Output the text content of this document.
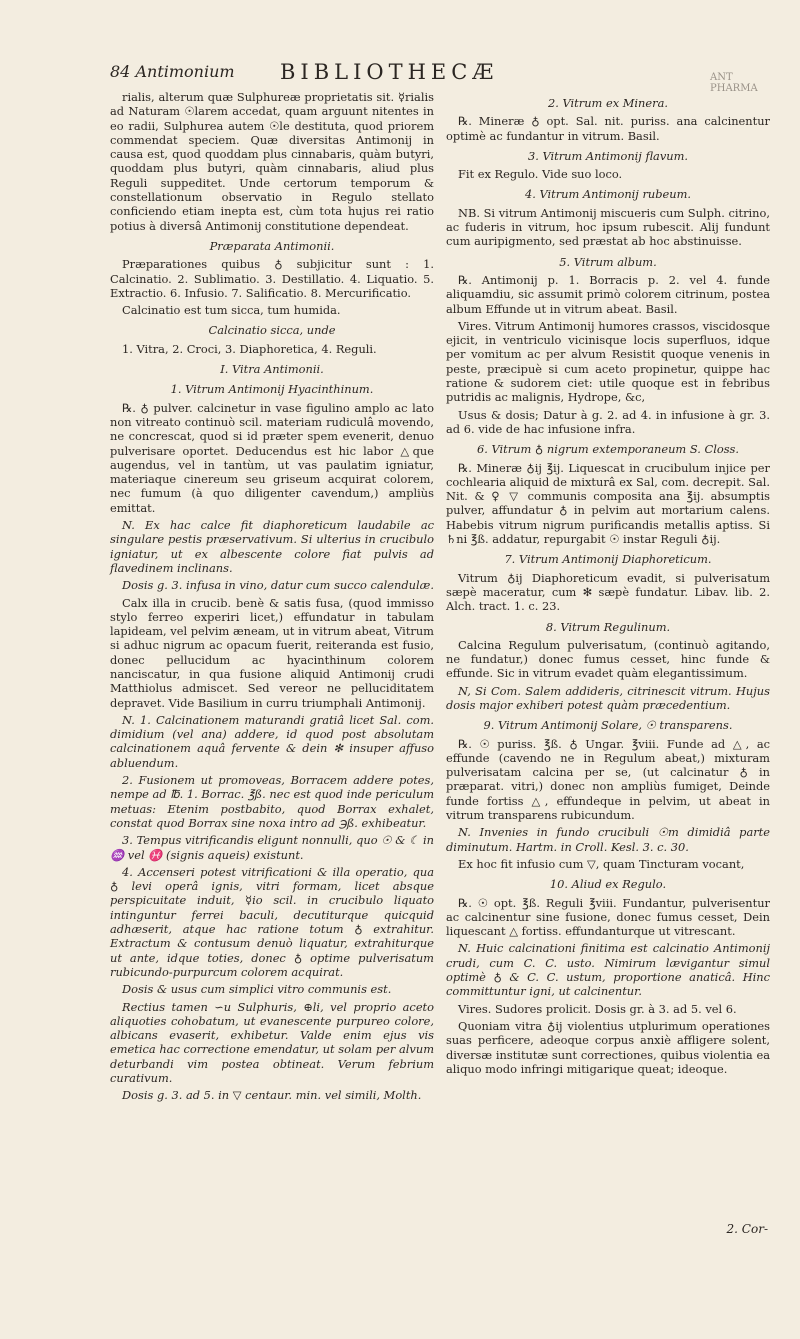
84 Antimonium BIBLIOTHECÆ	ANT PHARMA

rialis, alterum quæ Sulphureæ proprietatis sit. ☿rialis ad Naturam ☉larem accedat, quam arguunt nitentes in eo radii, Sulphurea autem ☉le destituta, quod priorem commendat speciem. Quæ diversitas Antimonij in causa est, quod quoddam plus cinnabaris, quàm butyri, quoddam plus butyri, quàm cinnabaris, aliud plus Reguli suppeditet. Unde certorum temporum & constellationum observatio in Regulo stellato conficiendo etiam inepta est, cùm tota hujus rei ratio potius à diversâ Antimonij constitutione dependeat.

Præparata Antimonii.

Præparationes quibus ♁ subjicitur sunt : 1. Calcinatio. 2. Sublimatio. 3. Destillatio. 4. Liquatio. 5. Extractio. 6. Infusio. 7. Salificatio. 8. Mercurificatio.

Calcinatio est tum sicca, tum humida.

Calcinatio sicca, unde

1. Vitra, 2. Croci, 3. Diaphoretica, 4. Reguli.

I. Vitra Antimonii.

1. Vitrum Antimonij Hyacinthinum.

℞. ♁ pulver. calcinetur in vase figulino amplo ac lato non vitreato continuò scil. materiam rudiculâ movendo, ne concrescat, quod si id præter spem evenerit, denuo pulverisare oportet. Deducendus est hic labor △que augendus, vel in tantùm, ut vas paulatim igniatur, materiaque cinereum seu griseum acquirat colorem, nec fumum (à quo diligenter cavendum,) ampliùs emittat.

N. Ex hac calce fit diaphoreticum laudabile ac singulare pestis præservativum. Si ulterius in crucibulo igniatur, ut ex albescente colore fiat pulvis ad flavedinem inclinans.

Dosis g. 3. infusa in vino, datur cum succo calendulæ.

Calx illa in crucib. benè & satis fusa, (quod immisso stylo ferreo experiri licet,) effundatur in tabulam lapideam, vel pelvim æneam, ut in vitrum abeat, Vitrum si adhuc nigrum ac opacum fuerit, reiteranda est fusio, donec pellucidum ac hyacinthinum colorem nanciscatur, in qua fusione aliquid Antimonij crudi Matthiolus admiscet. Sed vereor ne pelluciditatem depravet. Vide Basilium in curru triumphali Antimonij.

N. 1. Calcinationem maturandi gratiâ licet Sal. com. dimidium (vel ana) addere, id quod post absolutam calcinationem aquâ fervente & dein ✻ insuper affuso abluendum.

2. Fusionem ut promoveas, Borracem addere potes, nempe ad ℔. 1. Borrac. ℥ß. nec est quod inde periculum metuas: Etenim postbabito, quod Borrax exhalet, constat quod Borrax sine noxa intro ad ℈ß. exhibeatur.

3. Tempus vitrificandis eligunt nonnulli, quo ☉ & ☾ in ♒ vel ♓ (signis aqueis) existunt.

4. Accenseri potest vitrificationi & illa operatio, qua ♁ levi operâ ignis, vitri formam, licet absque perspicuitate induit, ☿io scil. in crucibulo liquato intinguntur ferrei baculi, decutiturque quicquid adhæserit, atque hac ratione totum ♁ extrahitur. Extractum & contusum denuò liquatur, extrahiturque ut ante, idque toties, donec ♁ optime pulverisatum rubicundo-purpurcum colorem acquirat.

Dosis & usus cum simplici vitro communis est.

Rectius tamen ∽u Sulphuris, ⊕li, vel proprio aceto aliquoties cohobatum, ut evanescente purpureo colore, albicans evaserit, exhibetur. Valde enim ejus vis emetica hac correctione emendatur, ut solam per alvum deturbandi vim postea obtineat. Verum febrium curativum.

Dosis g. 3. ad 5. in ▽ centaur. min. vel simili, Molth.

2. Vitrum ex Minera.

℞. Mineræ ♁ opt. Sal. nit. puriss. ana calcinentur optimè ac fundantur in vitrum. Basil.

3. Vitrum Antimonij flavum.

Fit ex Regulo. Vide suo loco.

4. Vitrum Antimonij rubeum.

NB. Si vitrum Antimonij miscueris cum Sulph. citrino, ac fuderis in vitrum, hoc ipsum rubescit. Alij fundunt cum auripigmento, sed præstat ab hoc abstinuisse.

5. Vitrum album.

℞. Antimonij p. 1. Borracis p. 2. vel 4. funde aliquamdiu, sic assumit primò colorem citrinum, postea album Effunde ut in vitrum abeat. Basil.

Vires. Vitrum Antimonij humores crassos, viscidosque ejicit, in ventriculo vicinisque locis superfluos, idque per vomitum ac per alvum Resistit quoque venenis in peste, præcipuè si cum aceto propinetur, quippe hac ratione & sudorem ciet: utile quoque est in febribus putridis ac malignis, Hydrope, &c,

Usus & dosis; Datur à g. 2. ad 4. in infusione à gr. 3. ad 6. vide de hac infusione infra.

6. Vitrum ♁ nigrum extemporaneum S. Closs.

℞. Mineræ ♁ij ℥ij. Liquescat in crucibulum injice per cochlearia aliquid de mixturâ ex Sal, com. decrepit. Sal. Nit. & ♀ ▽ communis composita ana ℥ij. absumptis pulver, affundatur ♁ in pelvim aut mortarium calens. Habebis vitrum nigrum purificandis metallis aptiss. Si ♄ni ℥ß. addatur, repurgabit ☉ instar Reguli ♁ij.

7. Vitrum Antimonij Diaphoreticum.

Vitrum ♁ij Diaphoreticum evadit, si pulverisatum sæpè maceratur, cum ✻ sæpè fundatur. Libav. lib. 2. Alch. tract. 1. c. 23.

8. Vitrum Regulinum.

Calcina Regulum pulverisatum, (continuò agitando, ne fundatur,) donec fumus cesset, hinc funde & effunde. Sic in vitrum evadet quàm elegantissimum.

N, Si Com. Salem addideris, citrinescit vitrum. Hujus dosis major exhiberi potest quàm præcedentium.

9. Vitrum Antimonij Solare, ☉ transparens.

℞. ☉ puriss. ℥ß. ♁ Ungar. ℥viii. Funde ad △, ac effunde (cavendo ne in Regulum abeat,) mixturam pulverisatam calcina per se, (ut calcinatur ♁ in præparat. vitri,) donec non ampliùs fumiget, Deinde funde fortiss △, effundeque in pelvim, ut abeat in vitrum transparens rubicundum.

N. Invenies in fundo crucibuli ☉m dimidiâ parte diminutum. Hartm. in Croll. Kesl. 3. c. 30.

Ex hoc fit infusio cum ▽, quam Tincturam vocant,

10. Aliud ex Regulo.

℞. ☉ opt. ℥ß. Reguli ℥viii. Fundantur, pulverisentur ac calcinentur sine fusione, donec fumus cesset, Dein liquescant △ fortiss. effundanturque ut vitrescant.

N. Huic calcinationi finitima est calcinatio Antimonij crudi, cum C. C. usto. Nimirum lævigantur simul optimè ♁ & C. C. ustum, proportione anaticâ. Hinc committuntur igni, ut calcinentur.

Vires. Sudores prolicit. Dosis gr. à 3. ad 5. vel 6.

Quoniam vitra ♁ij violentius utplurimum operationes suas perficere, adeoque corpus anxiè affligere solent, diversæ institutæ sunt correctiones, quibus violentia ea aliquo modo infringi mitigarique queat; ideoque.

2. Cor-
